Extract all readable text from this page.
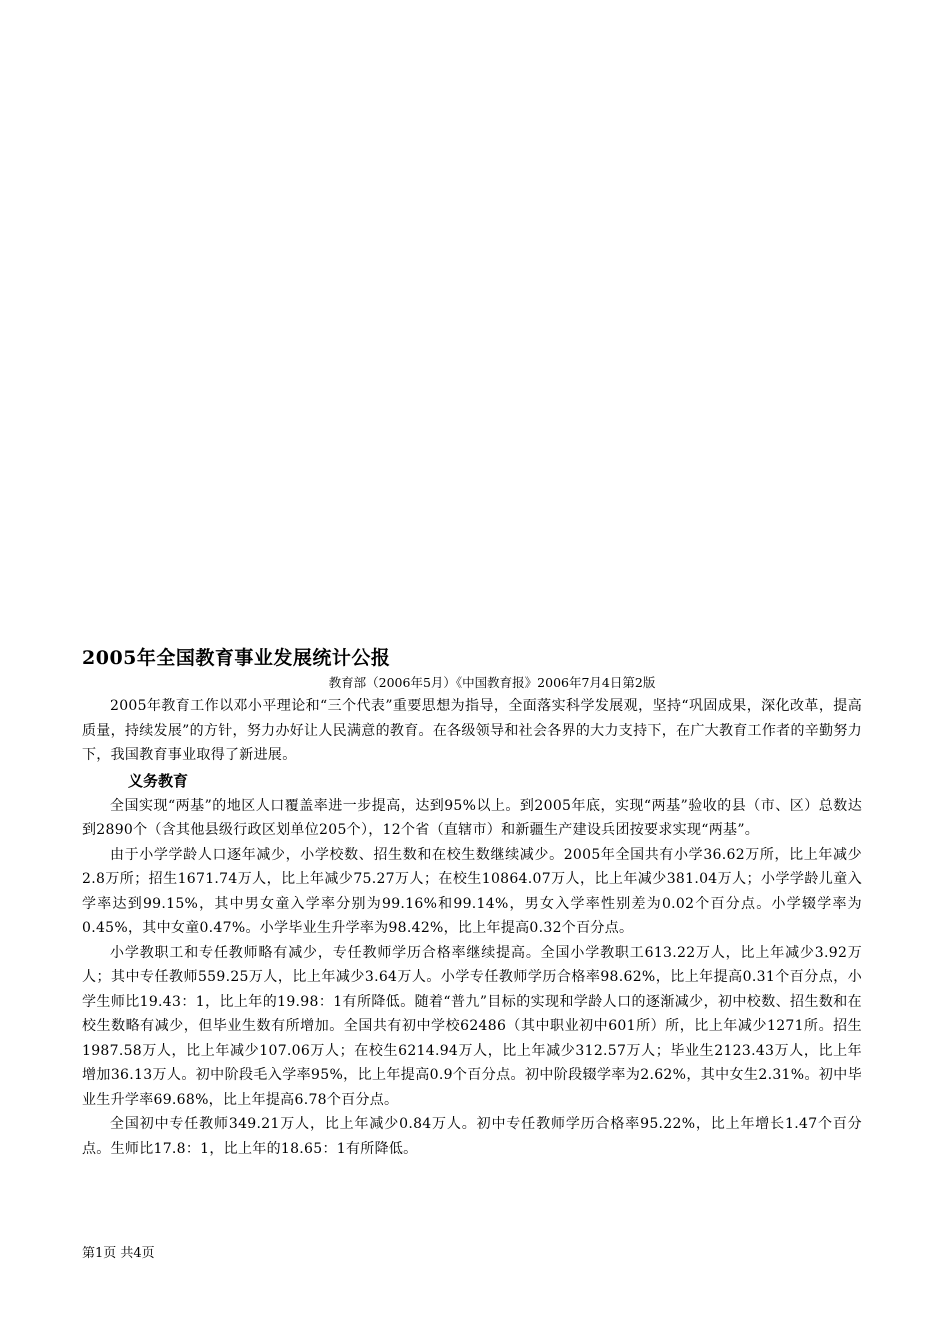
2005年全国教育事业发展统计公报

教育部（2006年5月）《中国教育报》2006年7月4日第2版

2005年教育工作以邓小平理论和“三个代表”重要思想为指导，全面落实科学发展观，坚持“巩固成果，深化改革，提高质量，持续发展”的方针，努力办好让人民满意的教育。在各级领导和社会各界的大力支持下，在广大教育工作者的辛勤努力下，我国教育事业取得了新进展。

义务教育

全国实现“两基”的地区人口覆盖率进一步提高，达到95%以上。到2005年底，实现“两基”验收的县（市、区）总数达到2890个（含其他县级行政区划单位205个），12个省（直辖市）和新疆生产建设兵团按要求实现“两基”。

由于小学学龄人口逐年减少，小学校数、招生数和在校生数继续减少。2005年全国共有小学36.62万所，比上年减少2.8万所；招生1671.74万人，比上年减少75.27万人；在校生10864.07万人，比上年减少381.04万人；小学学龄儿童入学率达到99.15%，其中男女童入学率分别为99.16%和99.14%，男女入学率性别差为0.02个百分点。小学辍学率为0.45%，其中女童0.47%。小学毕业生升学率为98.42%，比上年提高0.32个百分点。

小学教职工和专任教师略有减少，专任教师学历合格率继续提高。全国小学教职工613.22万人，比上年减少3.92万人；其中专任教师559.25万人，比上年减少3.64万人。小学专任教师学历合格率98.62%，比上年提高0.31个百分点，小学生师比19.43：1，比上年的19.98：1有所降低。随着“普九”目标的实现和学龄人口的逐渐减少，初中校数、招生数和在校生数略有减少，但毕业生数有所增加。全国共有初中学校62486（其中职业初中601所）所，比上年减少1271所。招生1987.58万人，比上年减少107.06万人；在校生6214.94万人，比上年减少312.57万人；毕业生2123.43万人，比上年增加36.13万人。初中阶段毛入学率95%，比上年提高0.9个百分点。初中阶段辍学率为2.62%，其中女生2.31%。初中毕业生升学率69.68%，比上年提高6.78个百分点。

全国初中专任教师349.21万人，比上年减少0.84万人。初中专任教师学历合格率95.22%，比上年增长1.47个百分点。生师比17.8：1，比上年的18.65：1有所降低。

第1页 共4页
